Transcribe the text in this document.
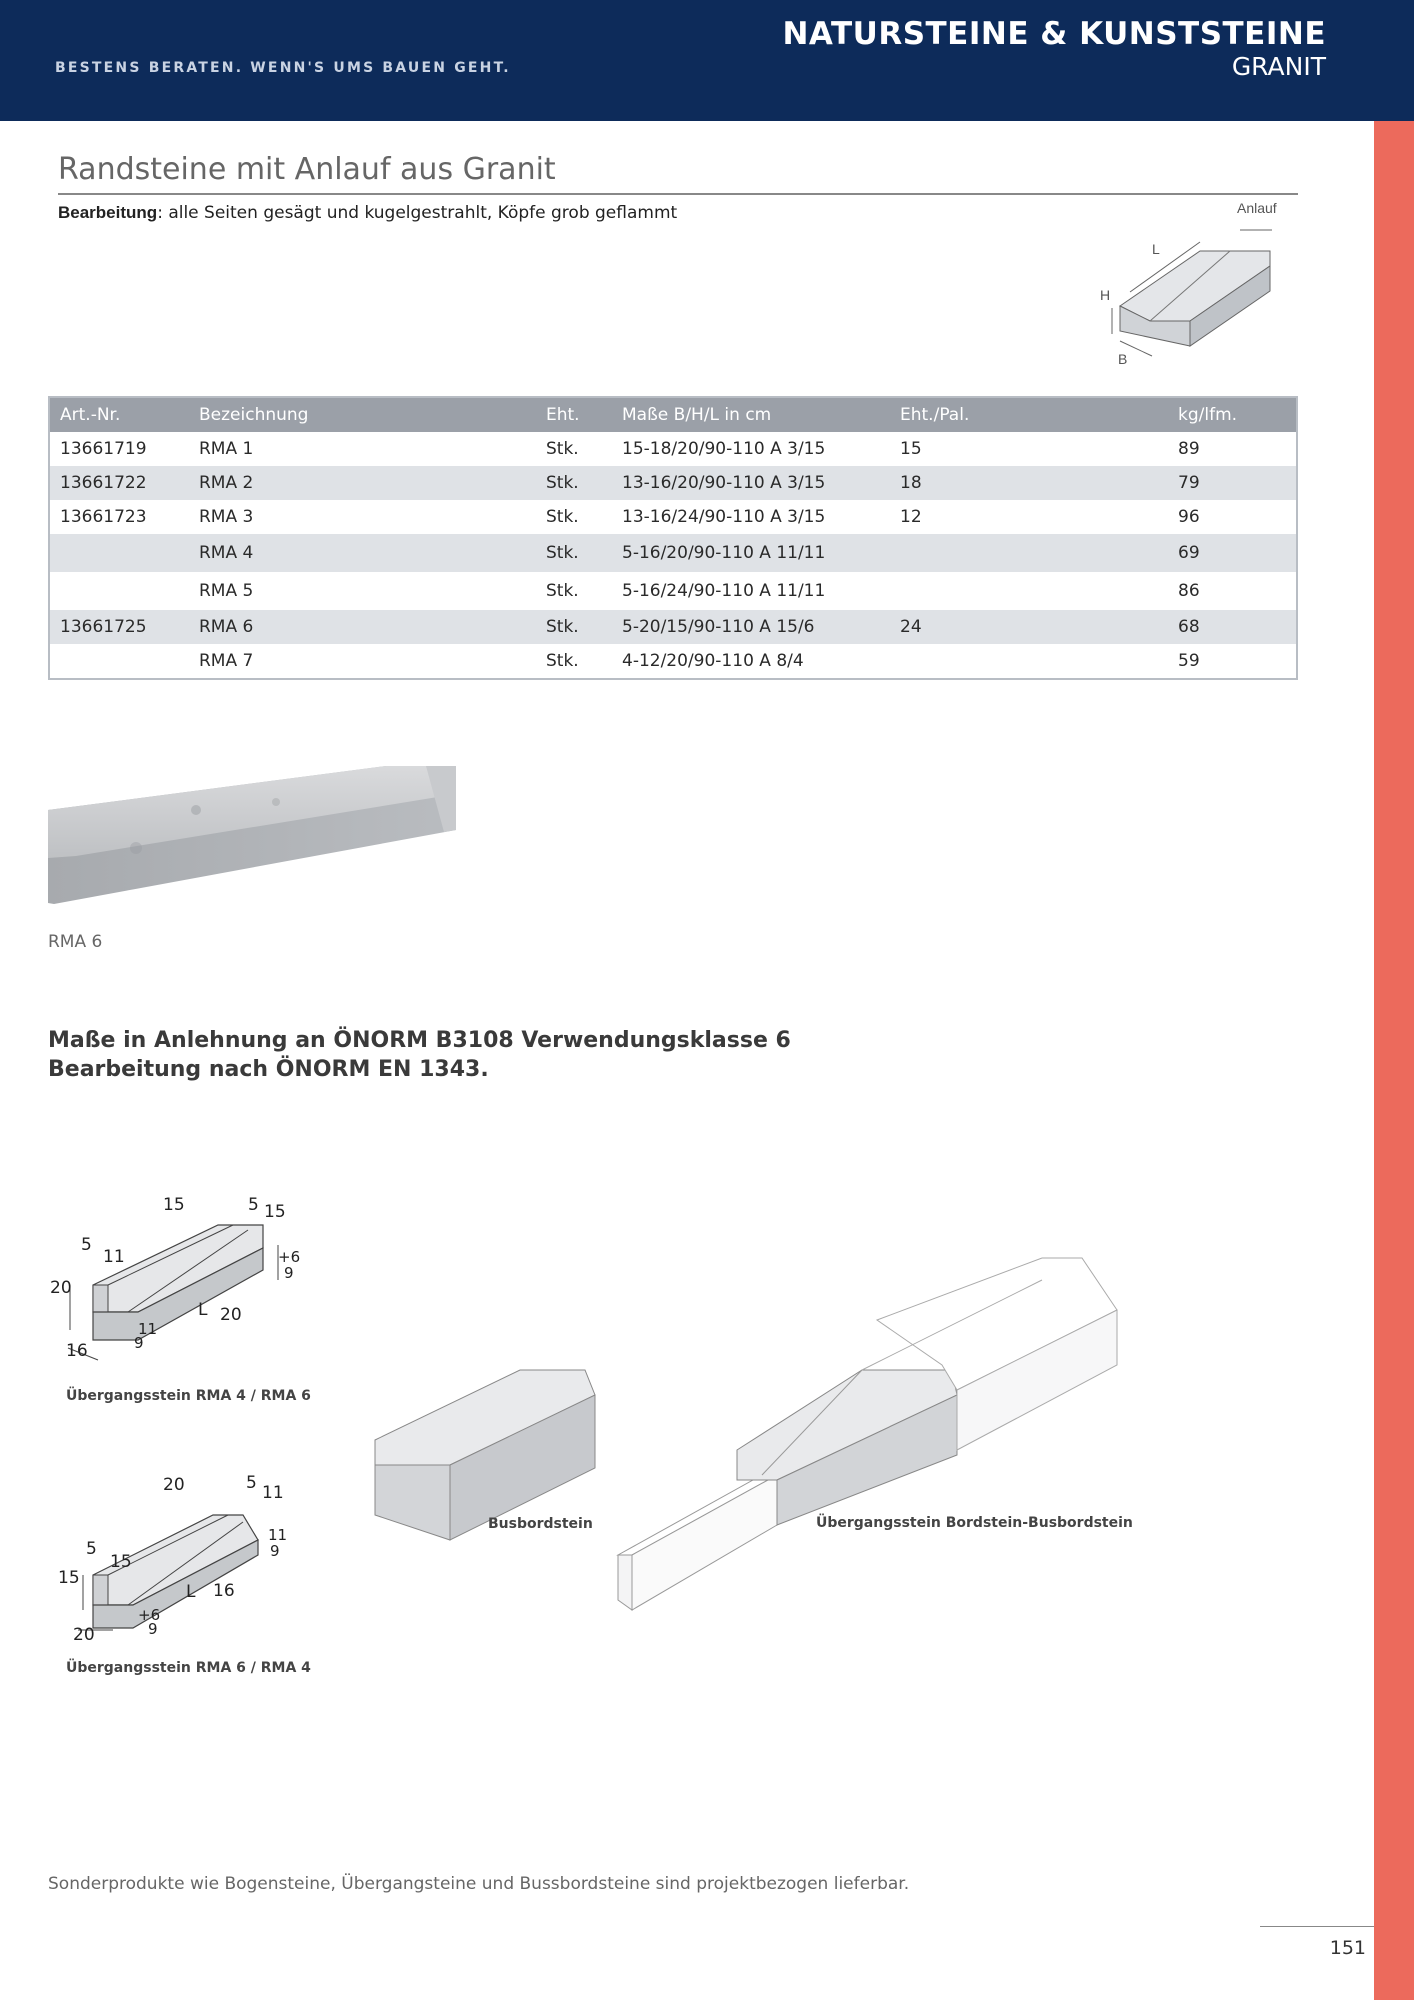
BESTENS BERATEN. WENN'S UMS BAUEN GEHT.
NATURSTEINE & KUNSTSTEINE
GRANIT
Randsteine mit Anlauf aus Granit
Bearbeitung: alle Seiten gesägt und kugelgestrahlt, Köpfe grob geflammt	Anlauf
L
H
B
Art.-Nr.	Bezeichnung	Eht.	Maße B/H/L in cm	Eht./Pal.	kg/lfm.
13661719	RMA 1	Stk.	15-18/20/90-110 A 3/15	15	89
13661722	RMA 2	Stk.	13-16/20/90-110 A 3/15	18	79
13661723	RMA 3	Stk.	13-16/24/90-110 A 3/15	12	96
	RMA 4	Stk.	5-16/20/90-110 A 11/11		69
	RMA 5	Stk.	5-16/24/90-110 A 11/11		86
13661725	RMA 6	Stk.	5-20/15/90-110 A 15/6	24	68
	RMA 7	Stk.	4-12/20/90-110 A 8/4		59
RMA 6
Maße in Anlehnung an ÖNORM B3108 Verwendungsklasse 6
Bearbeitung nach ÖNORM EN 1343.
15	5 15
5
11	+6
9
20
L 20
11
9
16
Übergangsstein RMA 4 / RMA 6
20	5 11
5
15
11
9
15
L 16
20
+6
9
Übergangsstein RMA 6 / RMA 4
Busbordstein	Übergangsstein Bordstein-Busbordstein
Sonderprodukte wie Bogensteine, Übergangsteine und Bussbordsteine sind projektbezogen lieferbar.
151
